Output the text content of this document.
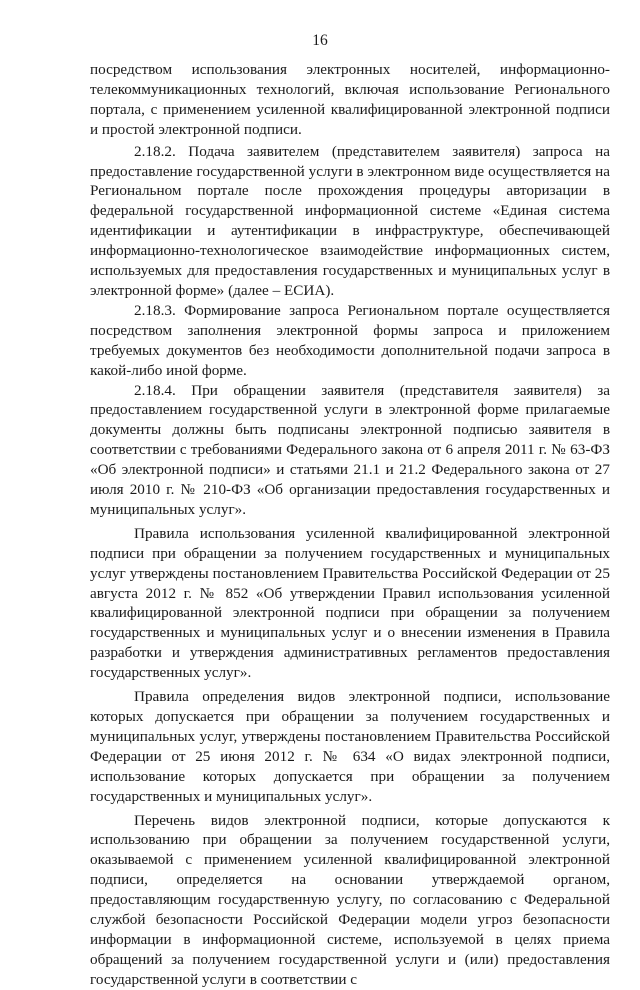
16

посредством использования электронных носителей, информационно-телекоммуникационных технологий, включая использование Регионального портала, с применением усиленной квалифицированной электронной подписи и простой электронной подписи.

2.18.2. Подача заявителем (представителем заявителя) запроса на предоставление государственной услуги в электронном виде осуществляется на Региональном портале после прохождения процедуры авторизации в федеральной государственной информационной системе «Единая система идентификации и аутентификации в инфраструктуре, обеспечивающей информационно-технологическое взаимодействие информационных систем, используемых для предоставления государственных и муниципальных услуг в электронной форме» (далее – ЕСИА).

2.18.3. Формирование запроса Региональном портале осуществляется посредством заполнения электронной формы запроса и приложением требуемых документов без необходимости дополнительной подачи запроса в какой-либо иной форме.

2.18.4. При обращении заявителя (представителя заявителя) за предоставлением государственной услуги в электронной форме прилагаемые документы должны быть подписаны электронной подписью заявителя в соответствии с требованиями Федерального закона от 6 апреля 2011 г. № 63-ФЗ «Об электронной подписи» и статьями 21.1 и 21.2 Федерального закона от 27 июля 2010 г. № 210-ФЗ «Об организации предоставления государственных и муниципальных услуг».

Правила использования усиленной квалифицированной электронной подписи при обращении за получением государственных и муниципальных услуг утверждены постановлением Правительства Российской Федерации от 25 августа 2012 г. № 852 «Об утверждении Правил использования усиленной квалифицированной электронной подписи при обращении за получением государственных и муниципальных услуг и о внесении изменения в Правила разработки и утверждения административных регламентов предоставления государственных услуг».

Правила определения видов электронной подписи, использование которых допускается при обращении за получением государственных и муниципальных услуг, утверждены постановлением Правительства Российской Федерации от 25 июня 2012 г. № 634 «О видах электронной подписи, использование которых допускается при обращении за получением государственных и муниципальных услуг».

Перечень видов электронной подписи, которые допускаются к использованию при обращении за получением государственной услуги, оказываемой с применением усиленной квалифицированной электронной подписи, определяется на основании утверждаемой органом, предоставляющим государственную услугу, по согласованию с Федеральной службой безопасности Российской Федерации модели угроз безопасности информации в информационной системе, используемой в целях приема обращений за получением государственной услуги и (или) предоставления государственной услуги в соответствии с
